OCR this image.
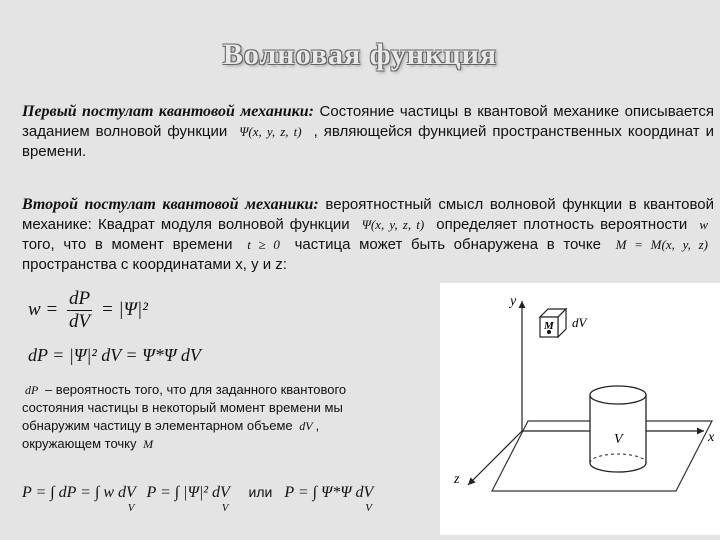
Волновая функция
Первый постулат квантовой механики: Состояние частицы в квантовой механике описывается заданием волновой функции Ψ(x, y, z, t) , являющейся функцией пространственных координат и времени.
Второй постулат квантовой механики: вероятностный смысл волновой функции в квантовой механике: Квадрат модуля волновой функции Ψ(x, y, z, t) определяет плотность вероятности w того, что в момент времени t ≥ 0 частица может быть обнаружена в точке M = M(x, y, z) пространства с координатами x, y и z:
$w = \frac{dP}{dV} = |\Psi|^2$
dP = |Ψ|² dV = Ψ*Ψ dV
dP – вероятность того, что для заданного квантового состояния частицы в некоторый момент времени мы обнаружим частицу в элементарном объеме dV , окружающем точку M
P = ∫ dP = ∫ w $dV_V$ P = ∫ |Ψ|² $dV_V$ или P = ∫ Ψ*Ψ $dV_V$
y
x
z
M dV
V
